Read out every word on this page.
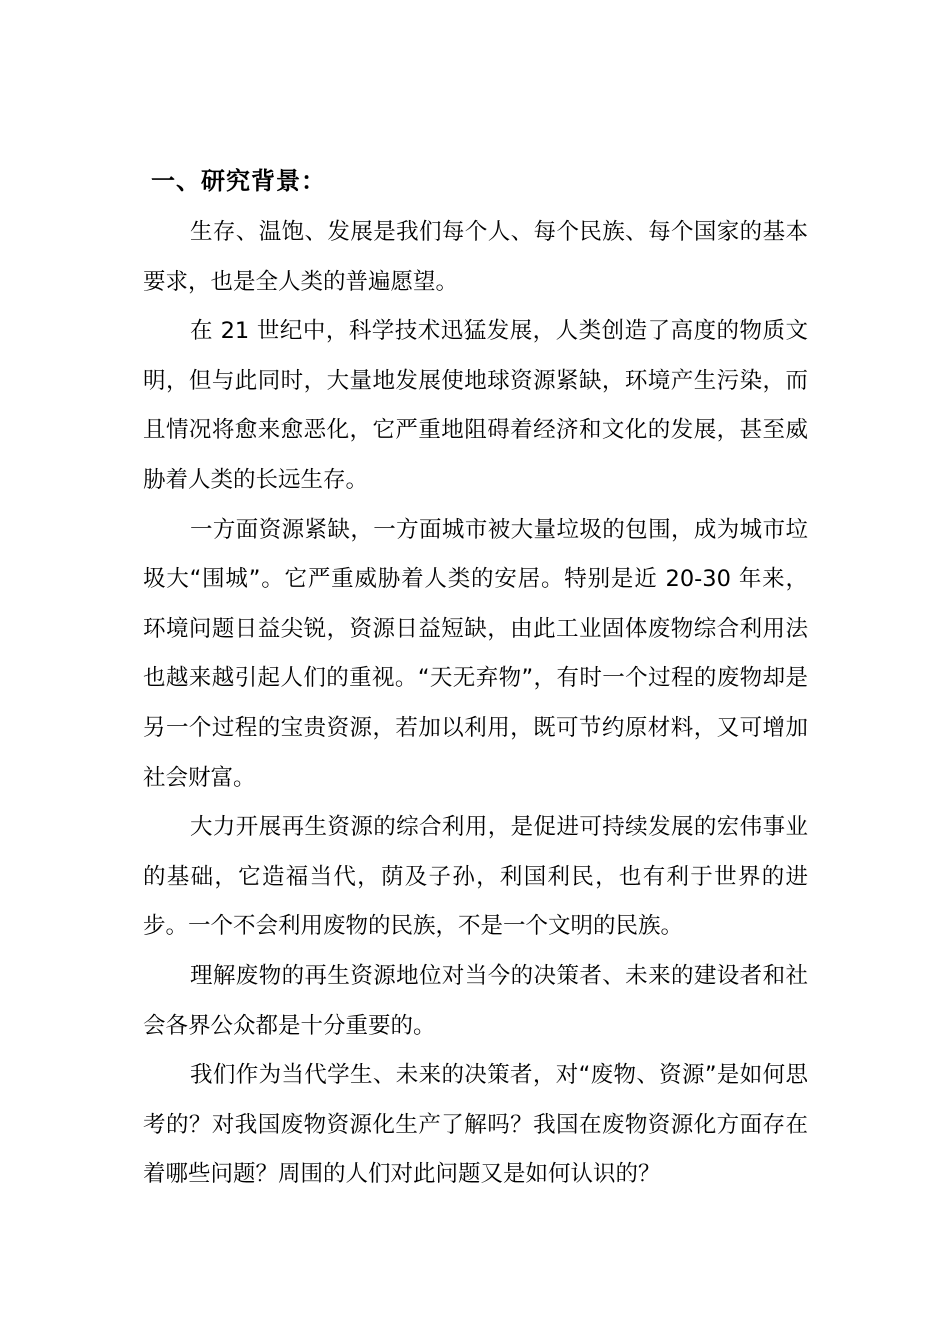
一、研究背景：

生存、温饱、发展是我们每个人、每个民族、每个国家的基本要求，也是全人类的普遍愿望。

在 21 世纪中，科学技术迅猛发展，人类创造了高度的物质文明，但与此同时，大量地发展使地球资源紧缺，环境产生污染，而且情况将愈来愈恶化，它严重地阻碍着经济和文化的发展，甚至威胁着人类的长远生存。

一方面资源紧缺，一方面城市被大量垃圾的包围，成为城市垃圾大“围城”。它严重威胁着人类的安居。特别是近 20-30 年来，环境问题日益尖锐，资源日益短缺，由此工业固体废物综合利用法也越来越引起人们的重视。“天无弃物”，有时一个过程的废物却是另一个过程的宝贵资源，若加以利用，既可节约原材料，又可增加社会财富。

大力开展再生资源的综合利用，是促进可持续发展的宏伟事业的基础，它造福当代，荫及子孙，利国利民，也有利于世界的进步。一个不会利用废物的民族，不是一个文明的民族。

理解废物的再生资源地位对当今的决策者、未来的建设者和社会各界公众都是十分重要的。

我们作为当代学生、未来的决策者，对“废物、资源”是如何思考的？对我国废物资源化生产了解吗？我国在废物资源化方面存在着哪些问题？周围的人们对此问题又是如何认识的？
